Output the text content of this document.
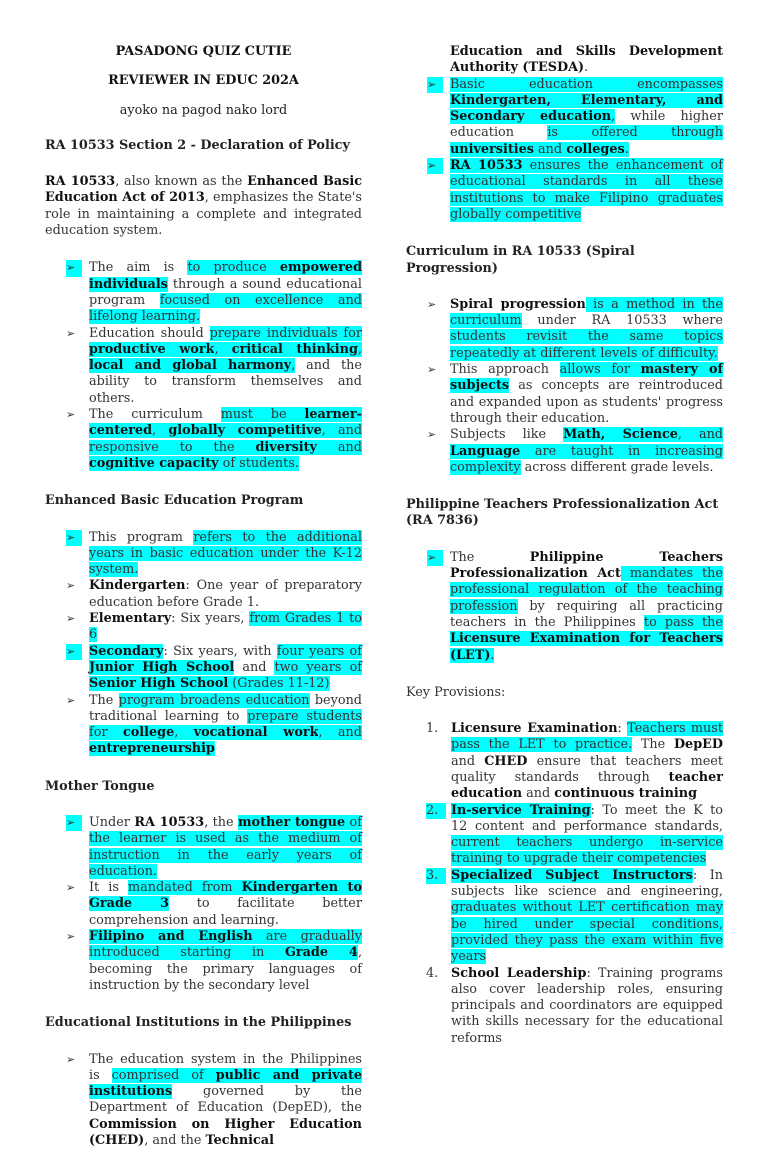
PASADONG QUIZ CUTIE

REVIEWER IN EDUC 202A

ayoko na pagod nako lord

RA 10533 Section 2 - Declaration of Policy

RA 10533, also known as the Enhanced Basic Education Act of 2013, emphasizes the State's role in maintaining a complete and integrated education system.

➢	The aim is to produce empowered individuals through a sound educational program focused on excellence and lifelong learning.
➢	Education should prepare individuals for productive work, critical thinking, local and global harmony, and the ability to transform themselves and others.
➢	The curriculum must be learner-centered, globally competitive, and responsive to the diversity and cognitive capacity of students.

Enhanced Basic Education Program

➢	This program refers to the additional years in basic education under the K-12 system.
➢	Kindergarten: One year of preparatory education before Grade 1.
➢	Elementary: Six years, from Grades 1 to 6
➢	Secondary: Six years, with four years of Junior High School and two years of Senior High School (Grades 11-12)
➢	The program broadens education beyond traditional learning to prepare students for college, vocational work, and entrepreneurship

Mother Tongue

➢	Under RA 10533, the mother tongue of the learner is used as the medium of instruction in the early years of education.
➢	It is mandated from Kindergarten to Grade 3 to facilitate better comprehension and learning.
➢	Filipino and English are gradually introduced starting in Grade 4, becoming the primary languages of instruction by the secondary level

Educational Institutions in the Philippines

➢	The education system in the Philippines is comprised of public and private institutions governed by the Department of Education (DepED), the Commission on Higher Education (CHED), and the Technical

Education and Skills Development Authority (TESDA).

➢	Basic education encompasses Kindergarten, Elementary, and Secondary education, while higher education is offered through universities and colleges.
➢	RA 10533 ensures the enhancement of educational standards in all these institutions to make Filipino graduates globally competitive

Curriculum in RA 10533 (Spiral Progression)

➢	Spiral progression is a method in the curriculum under RA 10533 where students revisit the same topics repeatedly at different levels of difficulty.
➢	This approach allows for mastery of subjects as concepts are reintroduced and expanded upon as students' progress through their education.
➢	Subjects like Math, Science, and Language are taught in increasing complexity across different grade levels.

Philippine Teachers Professionalization Act (RA 7836)

➢	The Philippine Teachers Professionalization Act mandates the professional regulation of the teaching profession by requiring all practicing teachers in the Philippines to pass the Licensure Examination for Teachers (LET).

Key Provisions:

1. Licensure Examination: Teachers must pass the LET to practice. The DepED and CHED ensure that teachers meet quality standards through teacher education and continuous training
2. In-service Training: To meet the K to 12 content and performance standards, current teachers undergo in-service training to upgrade their competencies
3. Specialized Subject Instructors: In subjects like science and engineering, graduates without LET certification may be hired under special conditions, provided they pass the exam within five years
4. School Leadership: Training programs also cover leadership roles, ensuring principals and coordinators are equipped with skills necessary for the educational reforms
